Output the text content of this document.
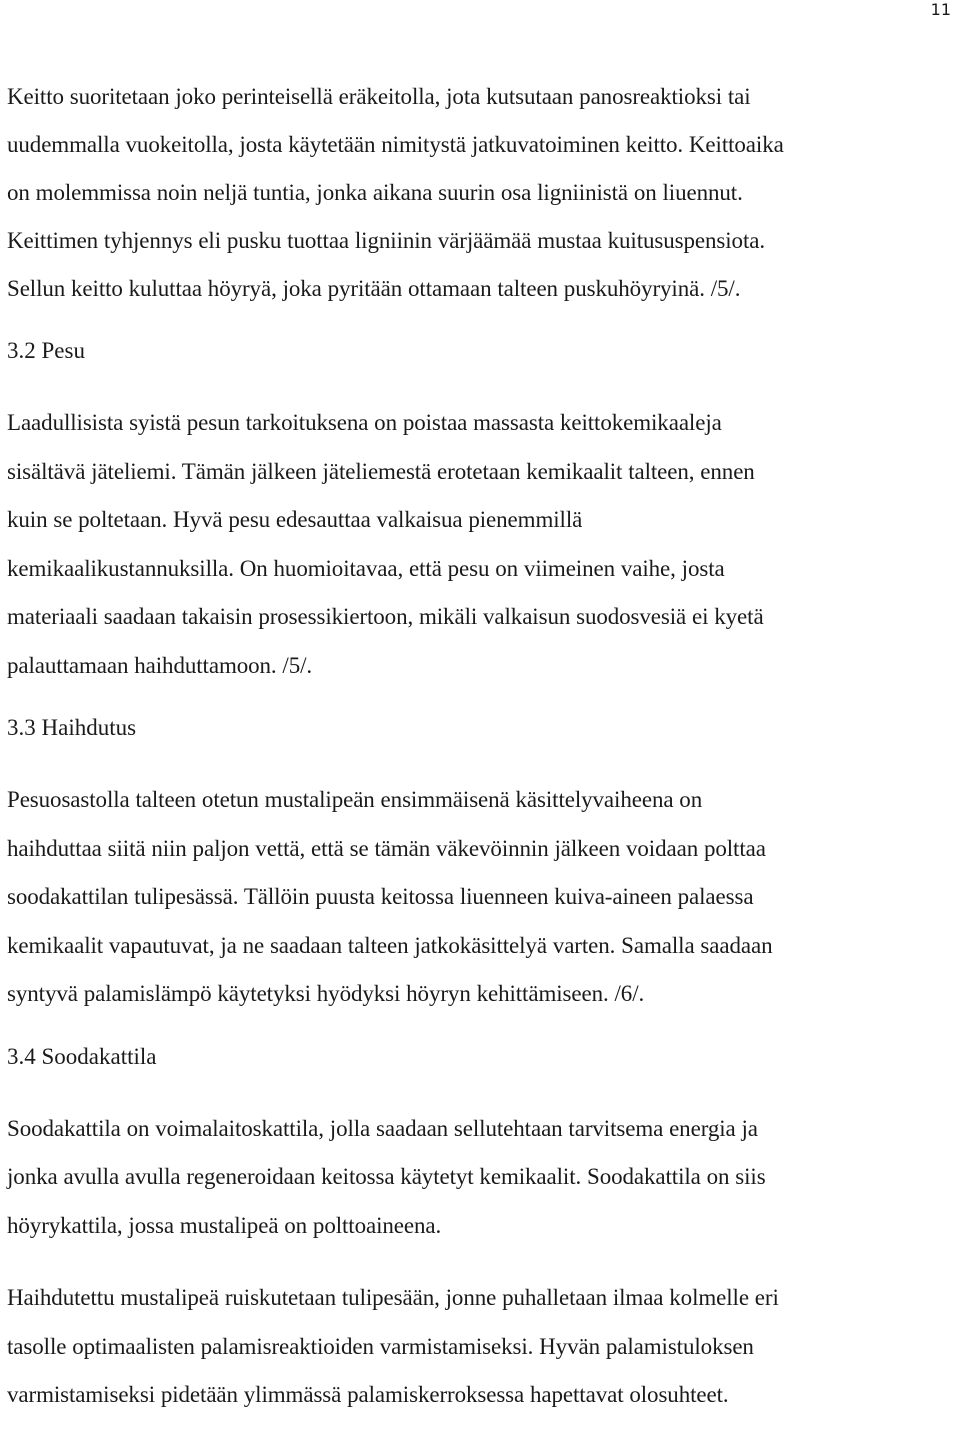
11

Keitto suoritetaan joko perinteisellä eräkeitolla, jota kutsutaan panosreaktioksi tai
uudemmalla vuokeitolla, josta käytetään nimitystä jatkuvatoiminen keitto. Keittoaika
on molemmissa noin neljä tuntia, jonka aikana suurin osa ligniinistä on liuennut.
Keittimen tyhjennys eli pusku tuottaa ligniinin värjäämää mustaa kuitususpensiota.
Sellun keitto kuluttaa höyryä, joka pyritään ottamaan talteen puskuhöyryinä. /5/.

3.2 Pesu

Laadullisista syistä pesun tarkoituksena on poistaa massasta keittokemikaaleja
sisältävä jäteliemi. Tämän jälkeen jäteliemestä erotetaan kemikaalit talteen, ennen
kuin se poltetaan. Hyvä pesu edesauttaa valkaisua pienemmillä
kemikaalikustannuksilla. On huomioitavaa, että pesu on viimeinen vaihe, josta
materiaali saadaan takaisin prosessikiertoon, mikäli valkaisun suodosvesiä ei kyetä
palauttamaan haihduttamoon. /5/.

3.3 Haihdutus

Pesuosastolla talteen otetun mustalipeän ensimmäisenä käsittelyvaiheena on
haihduttaa siitä niin paljon vettä, että se tämän väkevöinnin jälkeen voidaan polttaa
soodakattilan tulipesässä. Tällöin puusta keitossa liuenneen kuiva-aineen palaessa
kemikaalit vapautuvat, ja ne saadaan talteen jatkokäsittelyä varten. Samalla saadaan
syntyvä palamislämpö käytetyksi hyödyksi höyryn kehittämiseen. /6/.

3.4 Soodakattila

Soodakattila on voimalaitoskattila, jolla saadaan sellutehtaan tarvitsema energia ja
jonka avulla avulla regeneroidaan keitossa käytetyt kemikaalit. Soodakattila on siis
höyrykattila, jossa mustalipeä on polttoaineena.

Haihdutettu mustalipeä ruiskutetaan tulipesään, jonne puhalletaan ilmaa kolmelle eri
tasolle optimaalisten palamisreaktioiden varmistamiseksi. Hyvän palamistuloksen
varmistamiseksi pidetään ylimmässä palamiskerroksessa hapettavat olosuhteet.
